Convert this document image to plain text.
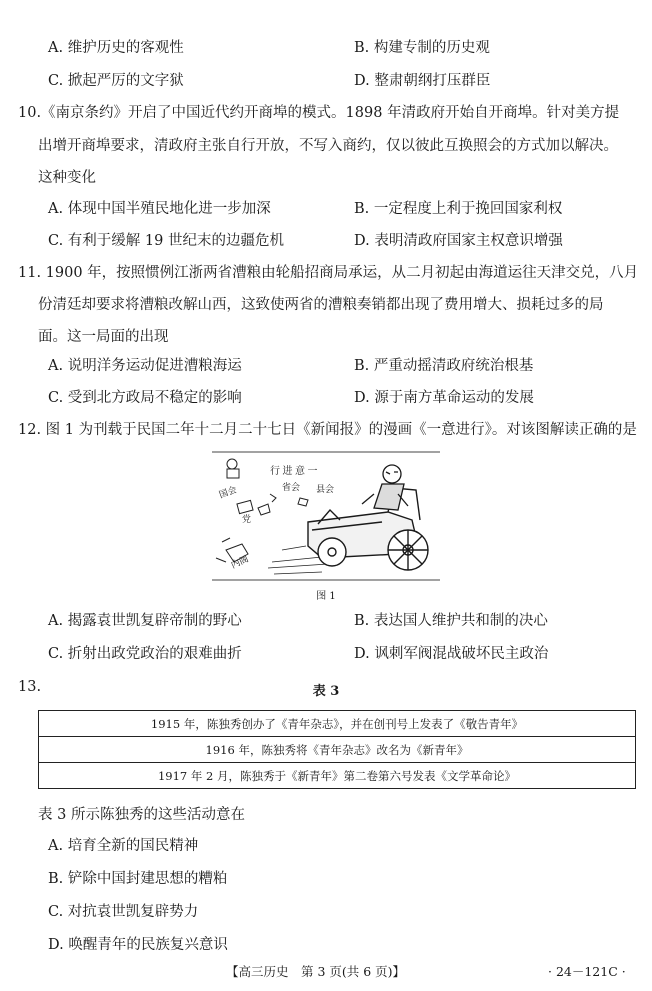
A. 维护历史的客观性	B. 构建专制的历史观
C. 掀起严厉的文字狱	D. 整肃朝纲打压群臣
10.《南京条约》开启了中国近代约开商埠的模式。1898 年清政府开始自开商埠。针对美方提
出增开商埠要求，清政府主张自行开放，不写入商约，仅以彼此互换照会的方式加以解决。
这种变化
A. 体现中国半殖民地化进一步加深	B. 一定程度上利于挽回国家利权
C. 有利于缓解 19 世纪末的边疆危机	D. 表明清政府国家主权意识增强
11. 1900 年，按照惯例江浙两省漕粮由轮船招商局承运，从二月初起由海道运往天津交兑，八月
份清廷却要求将漕粮改解山西，这致使两省的漕粮奏销都出现了费用增大、损耗过多的局
面。这一局面的出现
A. 说明洋务运动促进漕粮海运	B. 严重动摇清政府统治根基
C. 受到北方政局不稳定的影响	D. 源于南方革命运动的发展
12. 图 1 为刊载于民国二年十二月二十七日《新闻报》的漫画《一意进行》。对该图解读正确的是
行 进 意 一
国会	省会 县会
党
内阁
图 1
A. 揭露袁世凯复辟帝制的野心	B. 表达国人维护共和制的决心
C. 折射出政党政治的艰难曲折	D. 讽刺军阀混战破坏民主政治
13.	表 3
1915 年，陈独秀创办了《青年杂志》，并在创刊号上发表了《敬告青年》
1916 年，陈独秀将《青年杂志》改名为《新青年》
1917 年 2 月，陈独秀于《新青年》第二卷第六号发表《文学革命论》
表 3 所示陈独秀的这些活动意在
A. 培育全新的国民精神
B. 铲除中国封建思想的糟粕
C. 对抗袁世凯复辟势力
D. 唤醒青年的民族复兴意识
【高三历史　第 3 页(共 6 页)】	· 24－121C ·
